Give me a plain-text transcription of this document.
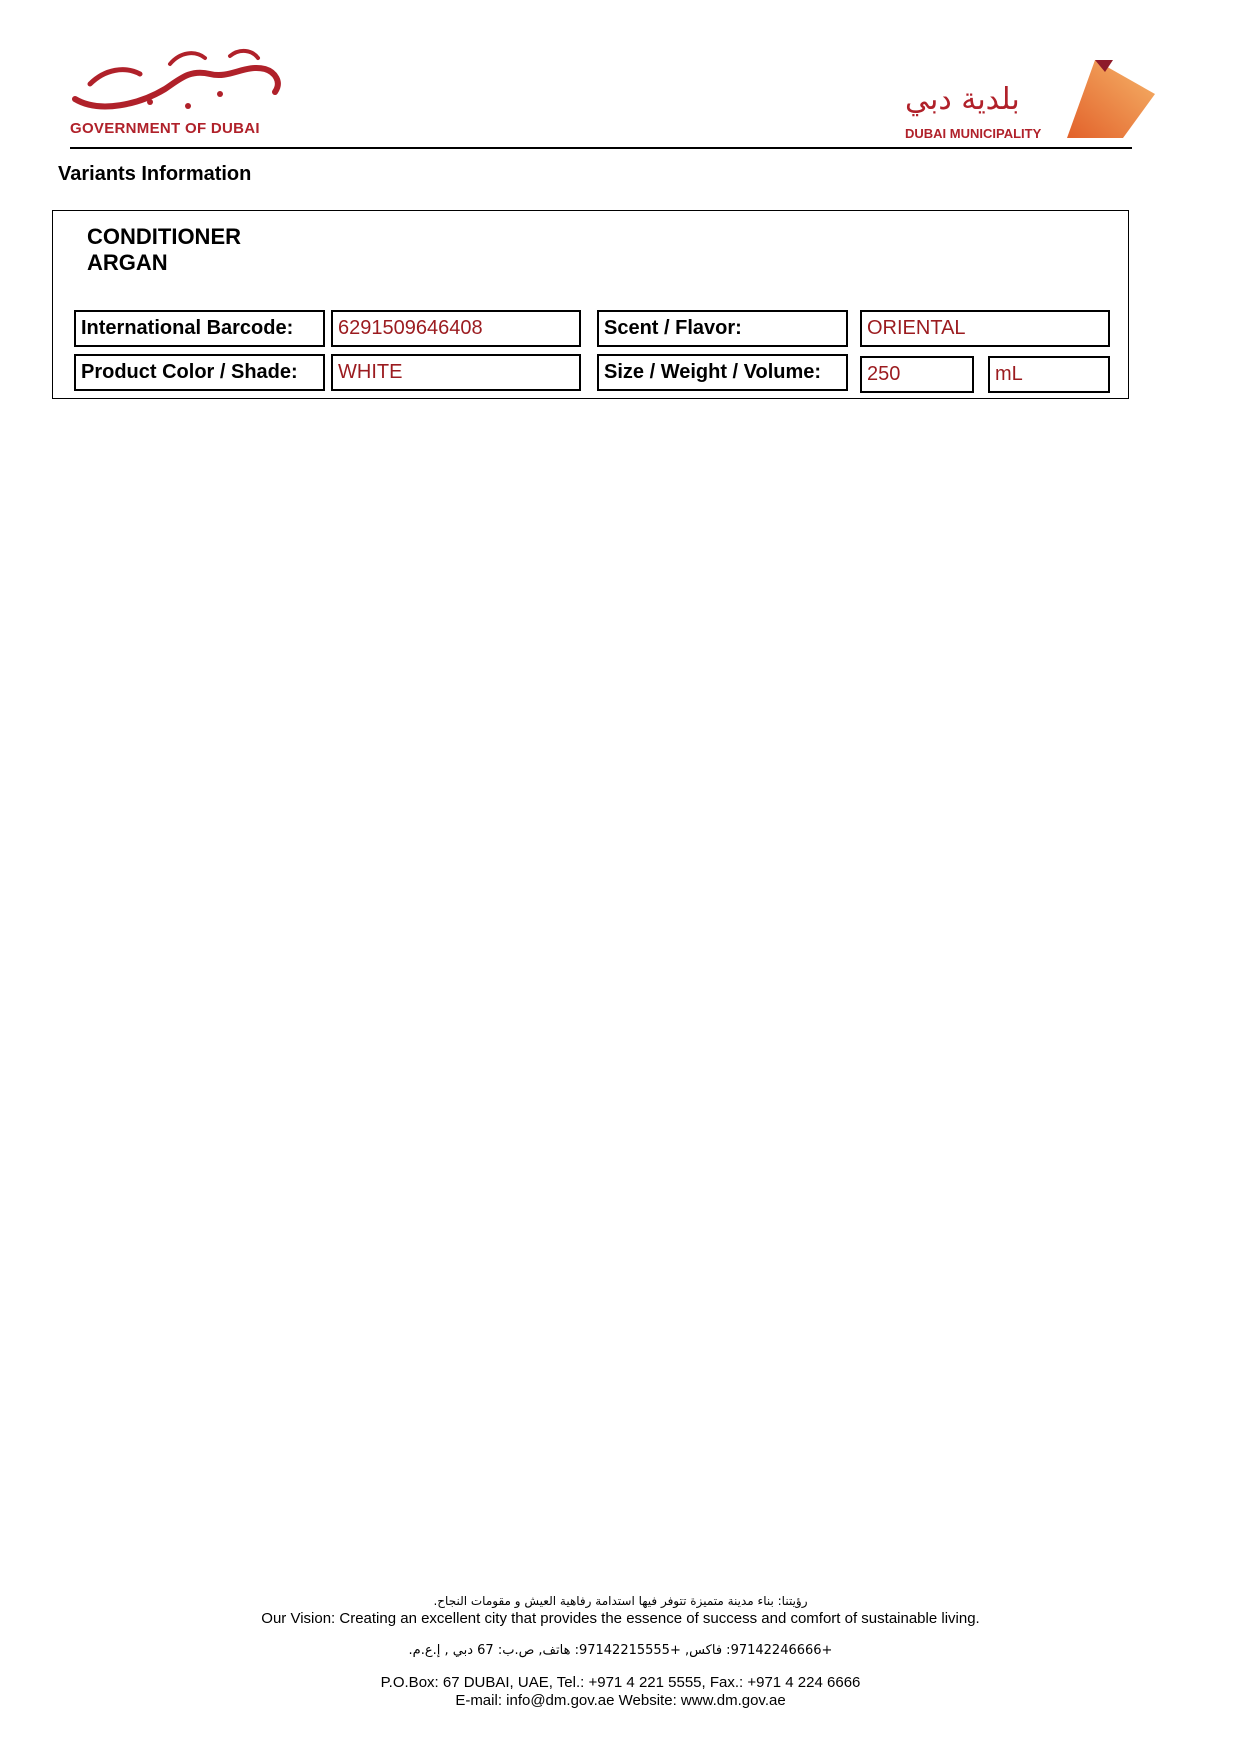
GOVERNMENT OF DUBAI
بلدية دبي
DUBAI MUNICIPALITY
Variants Information
CONDITIONER
ARGAN
International Barcode:	6291509646408	Scent / Flavor:	ORIENTAL
Product Color / Shade:	WHITE	Size / Weight / Volume:	250	mL
رؤيتنا: بناء مدينة متميزة تتوفر فيها استدامة رفاهية العيش و مقومات النجاح.
Our Vision: Creating an excellent city that provides the essence of success and comfort of sustainable living.
+97142246666: فاكس, +97142215555: هاتف, ص.ب: 67 دبي , إ.ع.م.
P.O.Box: 67 DUBAI, UAE, Tel.: +971 4 221 5555, Fax.: +971 4 224 6666
E-mail: info@dm.gov.ae Website: www.dm.gov.ae
